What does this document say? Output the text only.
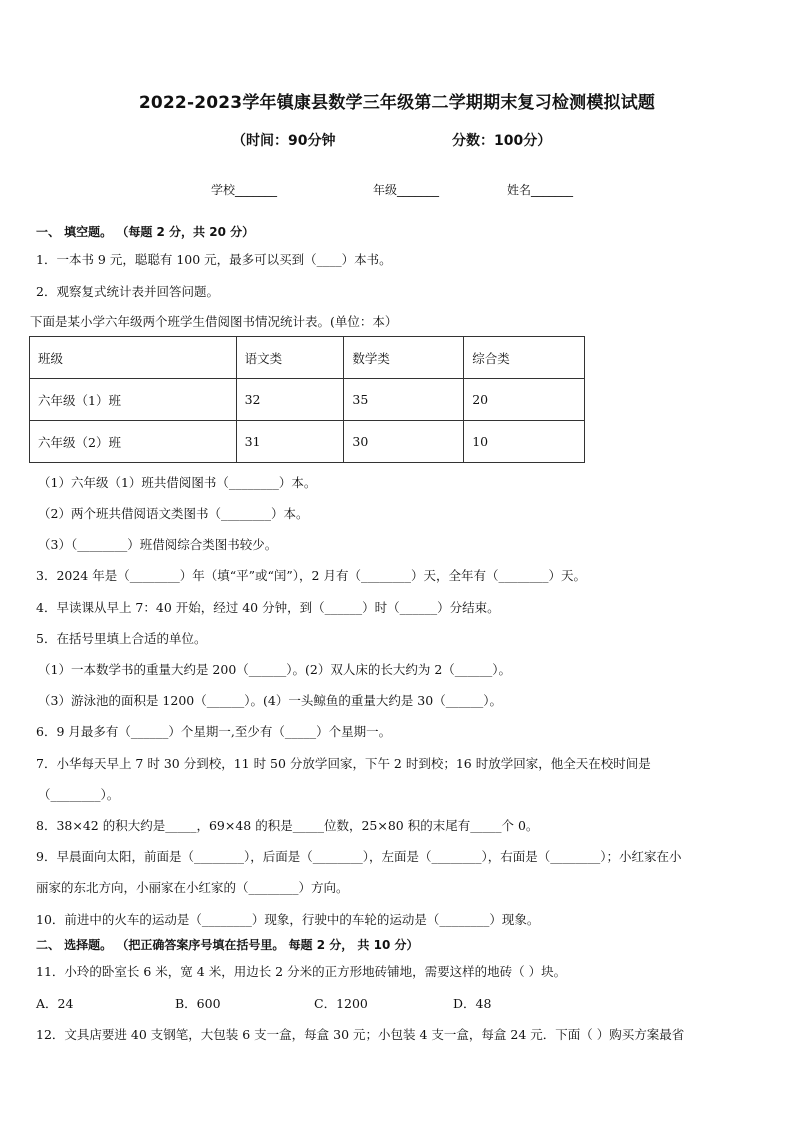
2022-2023学年镇康县数学三年级第二学期期末复习检测模拟试题
（时间：90分钟	分数：100分）
学校_______	年级_______	姓名_______
一、 填空题。 （每题 2 分，共 20 分）
1．一本书 9 元，聪聪有 100 元，最多可以买到（____）本书。
2．观察复式统计表并回答问题。
下面是某小学六年级两个班学生借阅图书情况统计表。(单位：本）
班级	语文类	数学类	综合类
六年级（1）班	32	35	20
六年级（2）班	31	30	10
（1）六年级（1）班共借阅图书（________）本。
（2）两个班共借阅语文类图书（________）本。
（3）（________）班借阅综合类图书较少。
3．2024 年是（________）年（填“平”或“闰”），2 月有（________）天，全年有（________）天。
4．早读课从早上 7：40 开始，经过 40 分钟，到（______）时（______）分结束。
5．在括号里填上合适的单位。
（1）一本数学书的重量大约是 200（______）。(2）双人床的长大约为 2（______）。
（3）游泳池的面积是 1200（______）。(4）一头鲸鱼的重量大约是 30（______）。
6．9 月最多有（______）个星期一,至少有（_____）个星期一。
7．小华每天早上 7 时 30 分到校，11 时 50 分放学回家，下午 2 时到校；16 时放学回家，他全天在校时间是
（________）。
8．38×42 的积大约是_____，69×48 的积是_____位数，25×80 积的末尾有_____个 0。
9．早晨面向太阳，前面是（________），后面是（________），左面是（________），右面是（________）；小红家在小
丽家的东北方向，小丽家在小红家的（________）方向。
10．前进中的火车的运动是（________）现象，行驶中的车轮的运动是（________）现象。
二、 选择题。 （把正确答案序号填在括号里。 每题 2 分， 共 10 分）
11．小玲的卧室长 6 米，宽 4 米，用边长 2 分米的正方形地砖铺地，需要这样的地砖（ ）块。
A．24	B．600	C．1200	D．48
12．文具店要进 40 支钢笔，大包装 6 支一盒，每盒 30 元；小包装 4 支一盒，每盒 24 元．下面（ ）购买方案最省
